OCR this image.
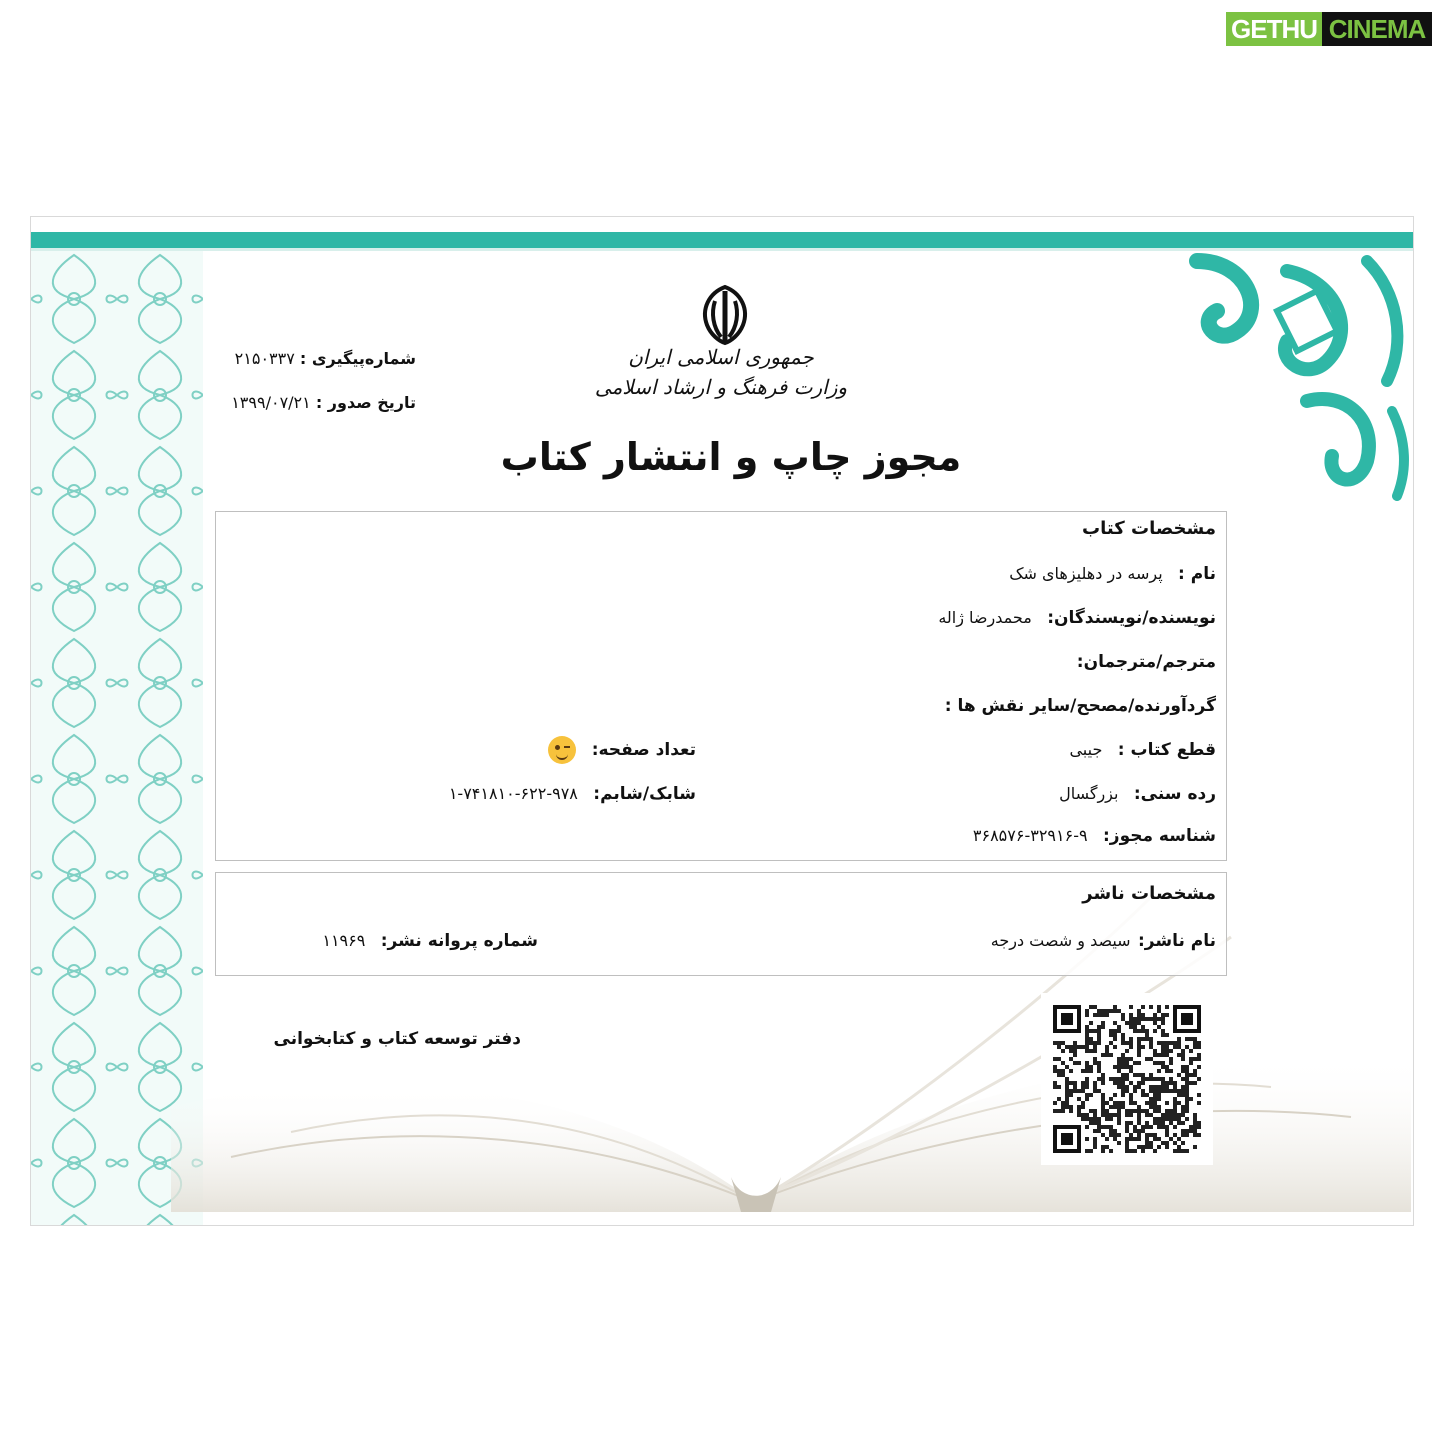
GETHU CINEMA
جمهوری اسلامی ایران
وزارت فرهنگ و ارشاد اسلامی
مجوز چاپ و انتشار کتاب
شماره‌پیگیری : ۲۱۵۰۳۳۷
تاریخ صدور : ۱۳۹۹/۰۷/۲۱
مشخصات کتاب
نام : پرسه در دهلیزهای شک
نویسنده/نویسندگان: محمدرضا ژاله
مترجم/مترجمان:
گردآورنده/مصحح/سایر نقش ها :
قطع کتاب : جیبی
تعداد صفحه:
رده سنی: بزرگسال
شابک/شابم: ۹۷۸-۶۲۲-۷۴۱۸۱۰-۱
شناسه مجوز: ۹-۳۲۹۱۶-۳۶۸۵۷۶
مشخصات ناشر
نام ناشر: سیصد و شصت درجه
شماره پروانه نشر: ۱۱۹۶۹
دفتر توسعه کتاب و کتابخوانی
